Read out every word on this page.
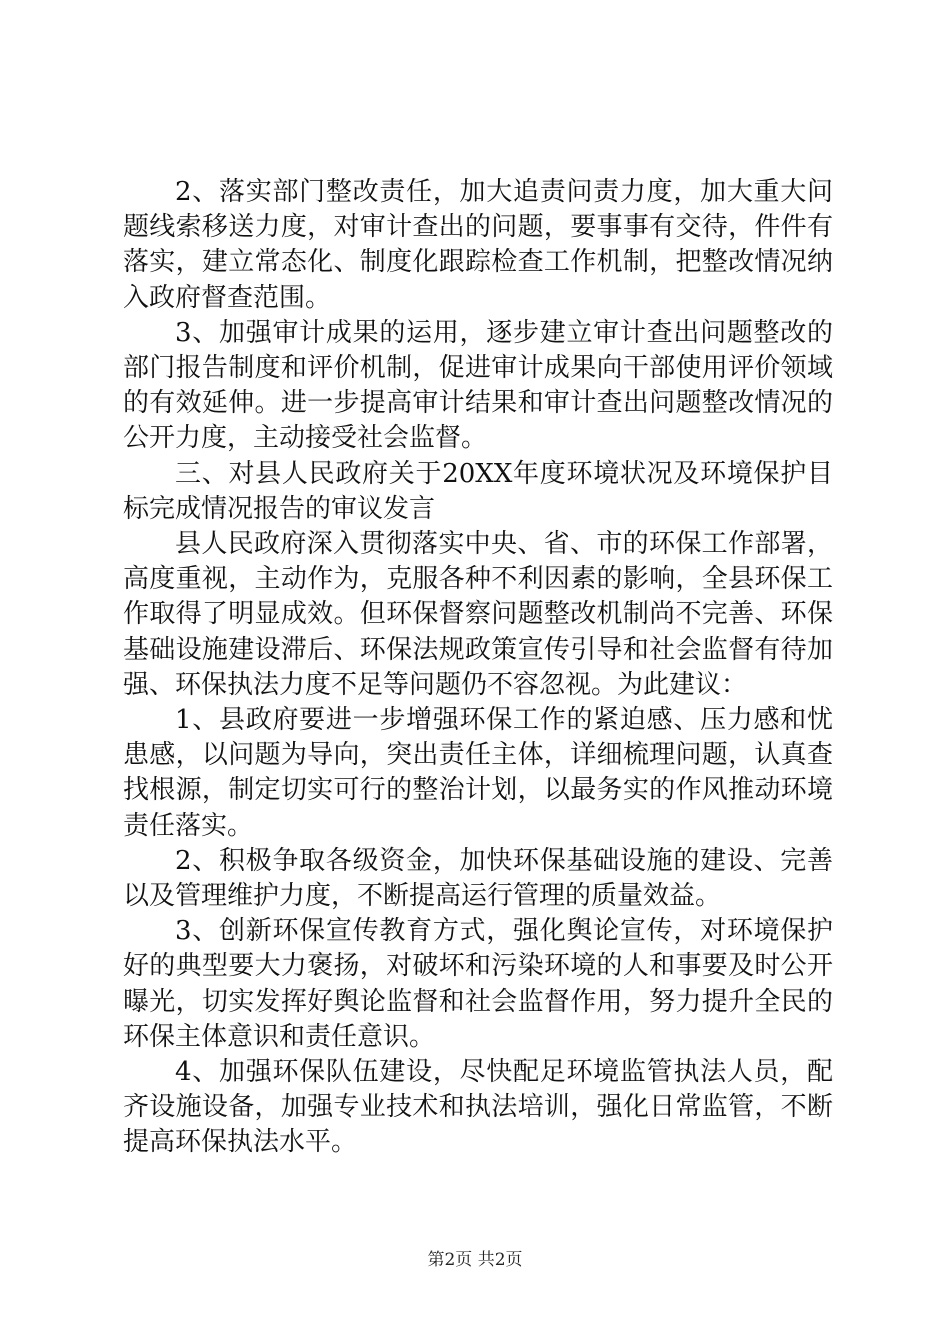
2、落实部门整改责任，加大追责问责力度，加大重大问题线索移送力度，对审计查出的问题，要事事有交待，件件有落实，建立常态化、制度化跟踪检查工作机制，把整改情况纳入政府督查范围。

3、加强审计成果的运用，逐步建立审计查出问题整改的部门报告制度和评价机制，促进审计成果向干部使用评价领域的有效延伸。进一步提高审计结果和审计查出问题整改情况的公开力度，主动接受社会监督。

三、对县人民政府关于20XX年度环境状况及环境保护目标完成情况报告的审议发言

县人民政府深入贯彻落实中央、省、市的环保工作部署，高度重视，主动作为，克服各种不利因素的影响，全县环保工作取得了明显成效。但环保督察问题整改机制尚不完善、环保基础设施建设滞后、环保法规政策宣传引导和社会监督有待加强、环保执法力度不足等问题仍不容忽视。为此建议：

1、县政府要进一步增强环保工作的紧迫感、压力感和忧患感，以问题为导向，突出责任主体，详细梳理问题，认真查找根源，制定切实可行的整治计划，以最务实的作风推动环境责任落实。

2、积极争取各级资金，加快环保基础设施的建设、完善以及管理维护力度，不断提高运行管理的质量效益。

3、创新环保宣传教育方式，强化舆论宣传，对环境保护好的典型要大力褒扬，对破坏和污染环境的人和事要及时公开曝光，切实发挥好舆论监督和社会监督作用，努力提升全民的环保主体意识和责任意识。

4、加强环保队伍建设，尽快配足环境监管执法人员，配齐设施设备，加强专业技术和执法培训，强化日常监管，不断提高环保执法水平。

第2页 共2页
